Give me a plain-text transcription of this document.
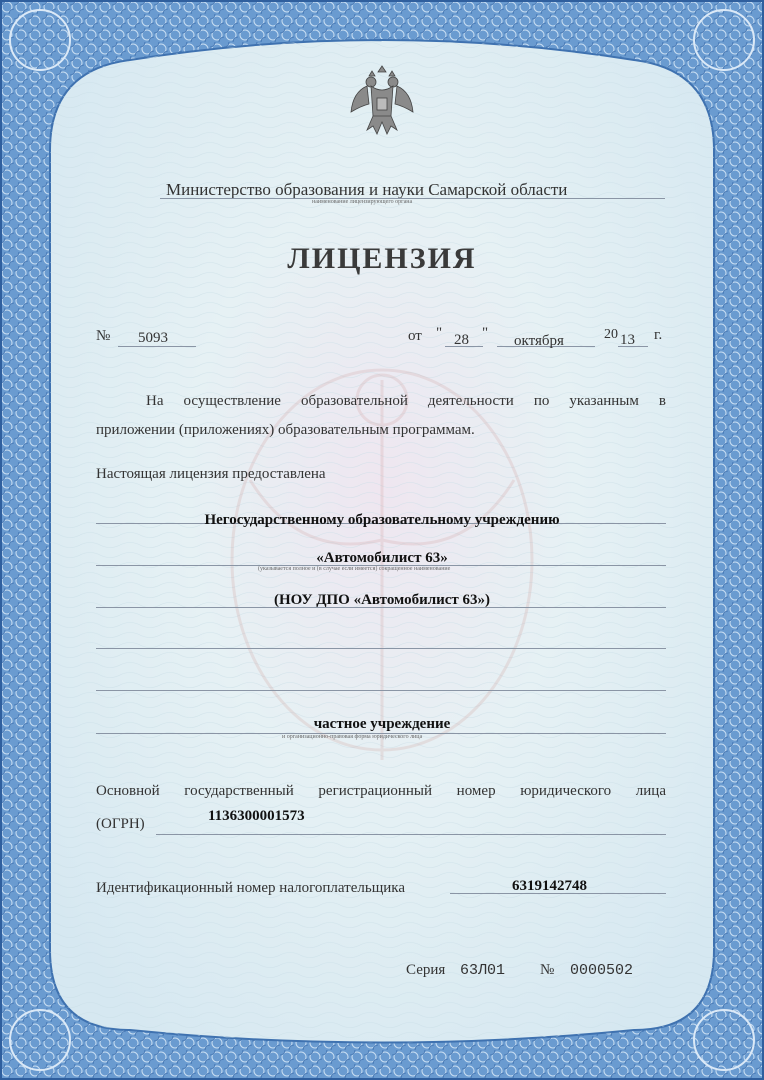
Министерство образования и науки Самарской области
наименование лицензирующего органа
ЛИЦЕНЗИЯ
№ 5093	от " 28 " октября	20 13 г.
На осуществление образовательной деятельности по указанным в
приложении (приложениях) образовательным программам.
Настоящая лицензия предоставлена
Негосударственному образовательному учреждению
«Автомобилист 63»
(указывается полное и (в случае если имеется) сокращенное наименование
(НОУ ДПО «Автомобилист 63»)
частное учреждение
и организационно-правовая форма юридического лица
Основной государственный регистрационный номер юридического лица
(ОГРН)	1136300001573
Идентификационный номер налогоплательщика	6319142748
Серия 63Л01 № 0000502
